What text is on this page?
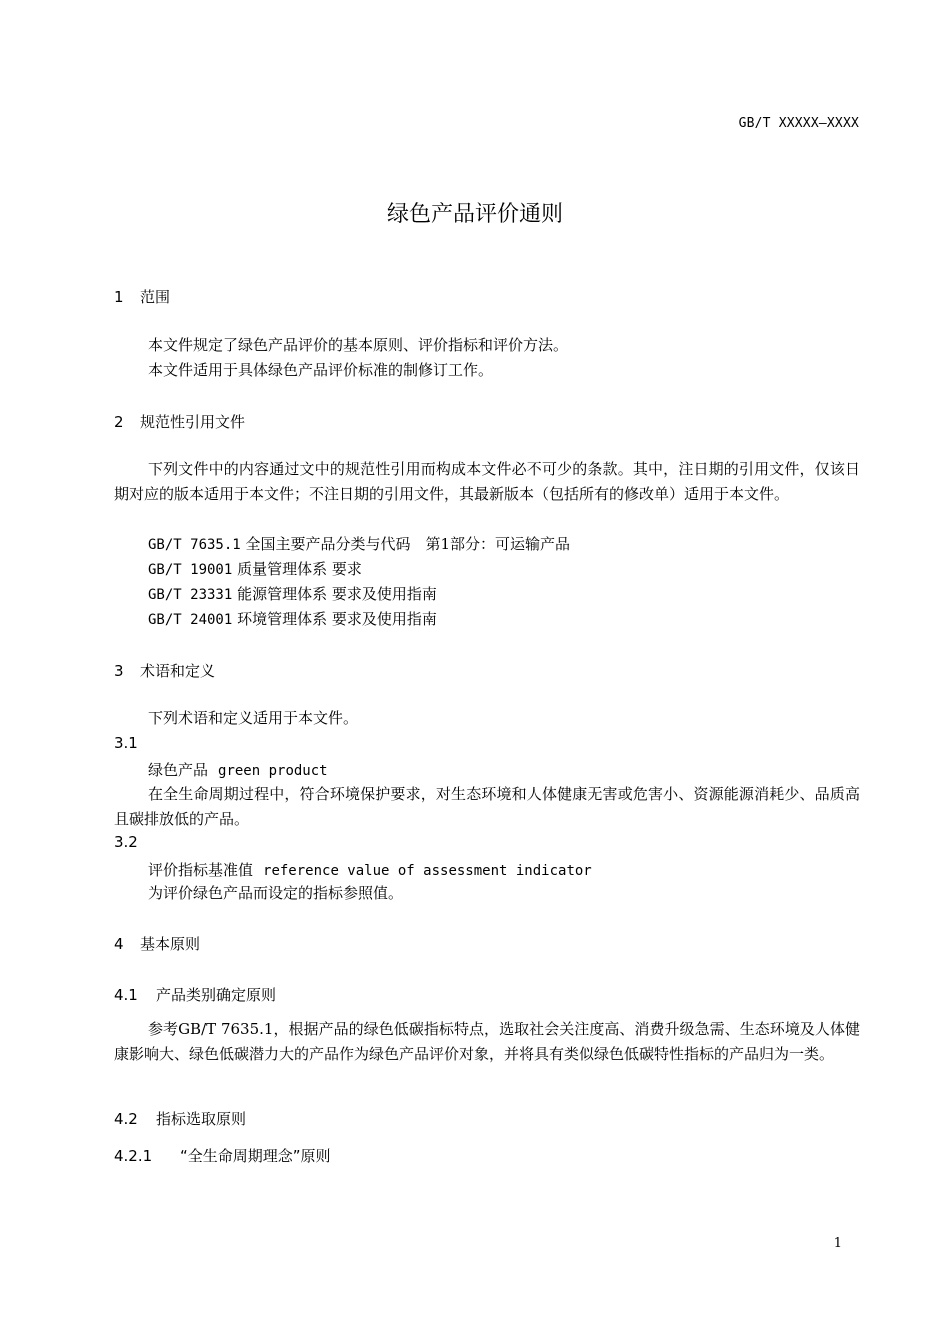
GB/T XXXXX—XXXX
绿色产品评价通则
1 范围
本文件规定了绿色产品评价的基本原则、评价指标和评价方法。
本文件适用于具体绿色产品评价标准的制修订工作。
2 规范性引用文件
下列文件中的内容通过文中的规范性引用而构成本文件必不可少的条款。其中，注日期的引用文件，仅该日期对应的版本适用于本文件；不注日期的引用文件，其最新版本（包括所有的修改单）适用于本文件。
GB/T 7635.1 全国主要产品分类与代码　第1部分：可运输产品
GB/T 19001 质量管理体系 要求
GB/T 23331 能源管理体系 要求及使用指南
GB/T 24001 环境管理体系 要求及使用指南
3 术语和定义
下列术语和定义适用于本文件。
3.1
绿色产品 green product
在全生命周期过程中，符合环境保护要求，对生态环境和人体健康无害或危害小、资源能源消耗少、品质高且碳排放低的产品。
3.2
评价指标基准值 reference value of assessment indicator
为评价绿色产品而设定的指标参照值。
4 基本原则
4.1 产品类别确定原则
参考GB/T 7635.1，根据产品的绿色低碳指标特点，选取社会关注度高、消费升级急需、生态环境及人体健康影响大、绿色低碳潜力大的产品作为绿色产品评价对象，并将具有类似绿色低碳特性指标的产品归为一类。
4.2 指标选取原则
4.2.1 “全生命周期理念”原则
1
